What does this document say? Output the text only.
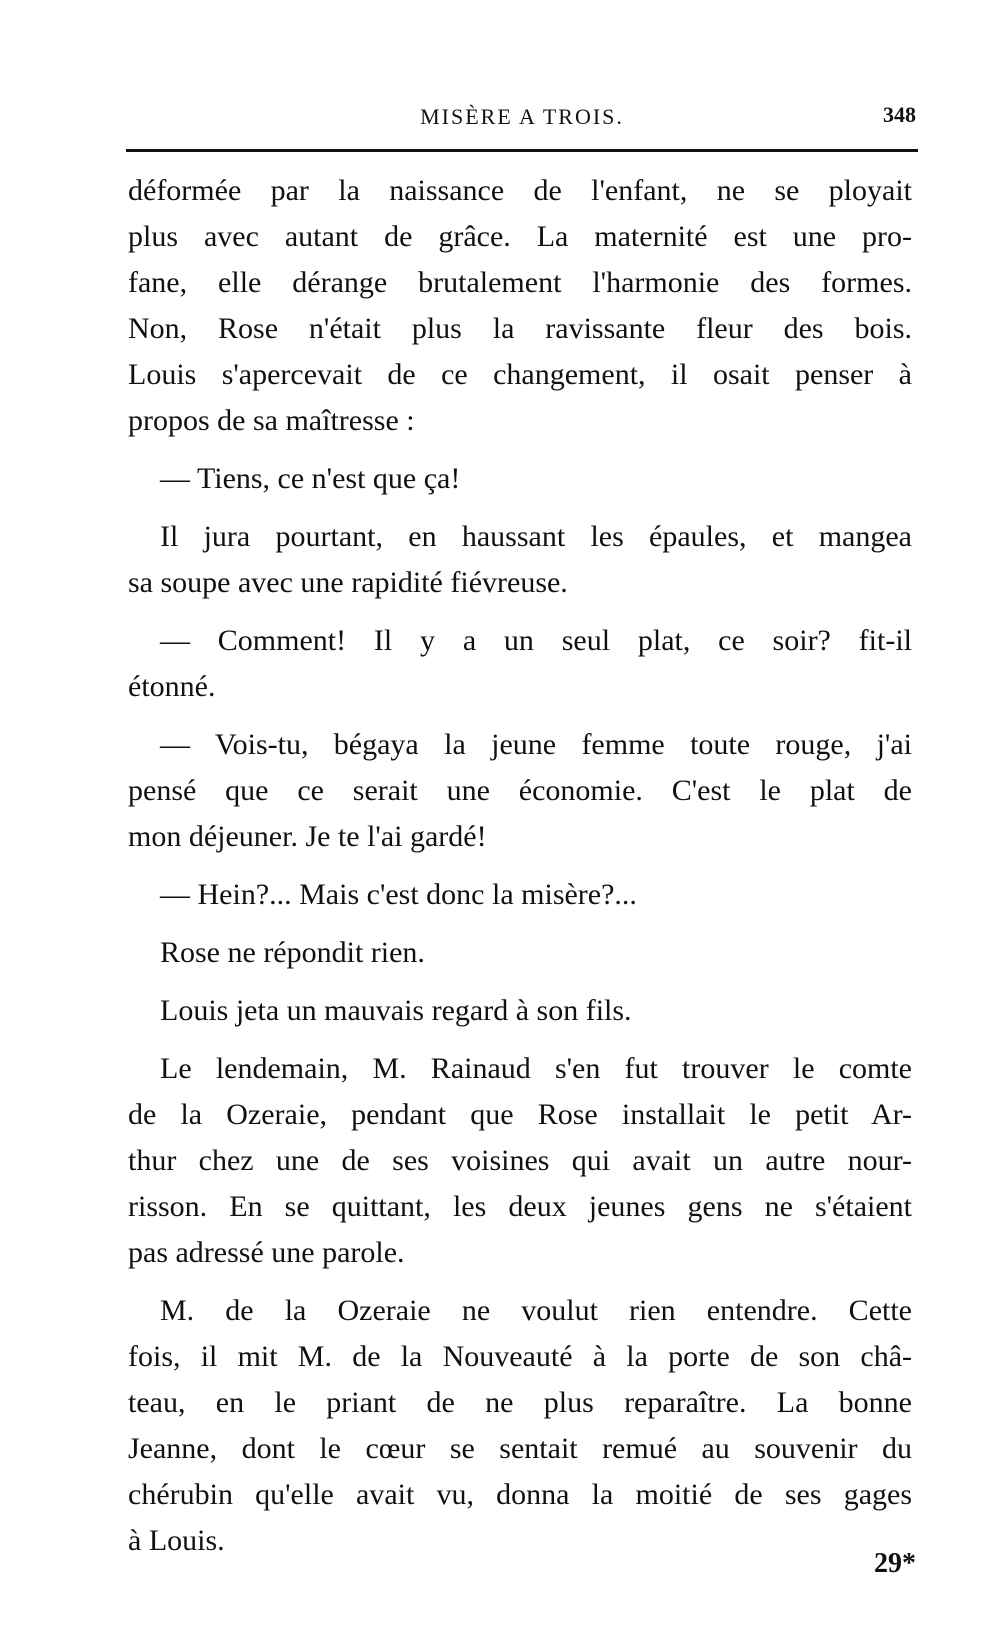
MISÈRE A TROIS.	348
déformée par la naissance de l'enfant, ne se ployait
plus avec autant de grâce. La maternité est une pro-
fane, elle dérange brutalement l'harmonie des formes.
Non, Rose n'était plus la ravissante fleur des bois.
Louis s'apercevait de ce changement, il osait penser à
propos de sa maîtresse :
— Tiens, ce n'est que ça!
Il jura pourtant, en haussant les épaules, et mangea
sa soupe avec une rapidité fiévreuse.
— Comment! Il y a un seul plat, ce soir? fit-il
étonné.
— Vois-tu, bégaya la jeune femme toute rouge, j'ai
pensé que ce serait une économie. C'est le plat de
mon déjeuner. Je te l'ai gardé!
— Hein?... Mais c'est donc la misère?...
Rose ne répondit rien.
Louis jeta un mauvais regard à son fils.
Le lendemain, M. Rainaud s'en fut trouver le comte
de la Ozeraie, pendant que Rose installait le petit Ar-
thur chez une de ses voisines qui avait un autre nour-
risson. En se quittant, les deux jeunes gens ne s'étaient
pas adressé une parole.
M. de la Ozeraie ne voulut rien entendre. Cette
fois, il mit M. de la Nouveauté à la porte de son châ-
teau, en le priant de ne plus reparaître. La bonne
Jeanne, dont le cœur se sentait remué au souvenir du
chérubin qu'elle avait vu, donna la moitié de ses gages
à Louis.
29*
